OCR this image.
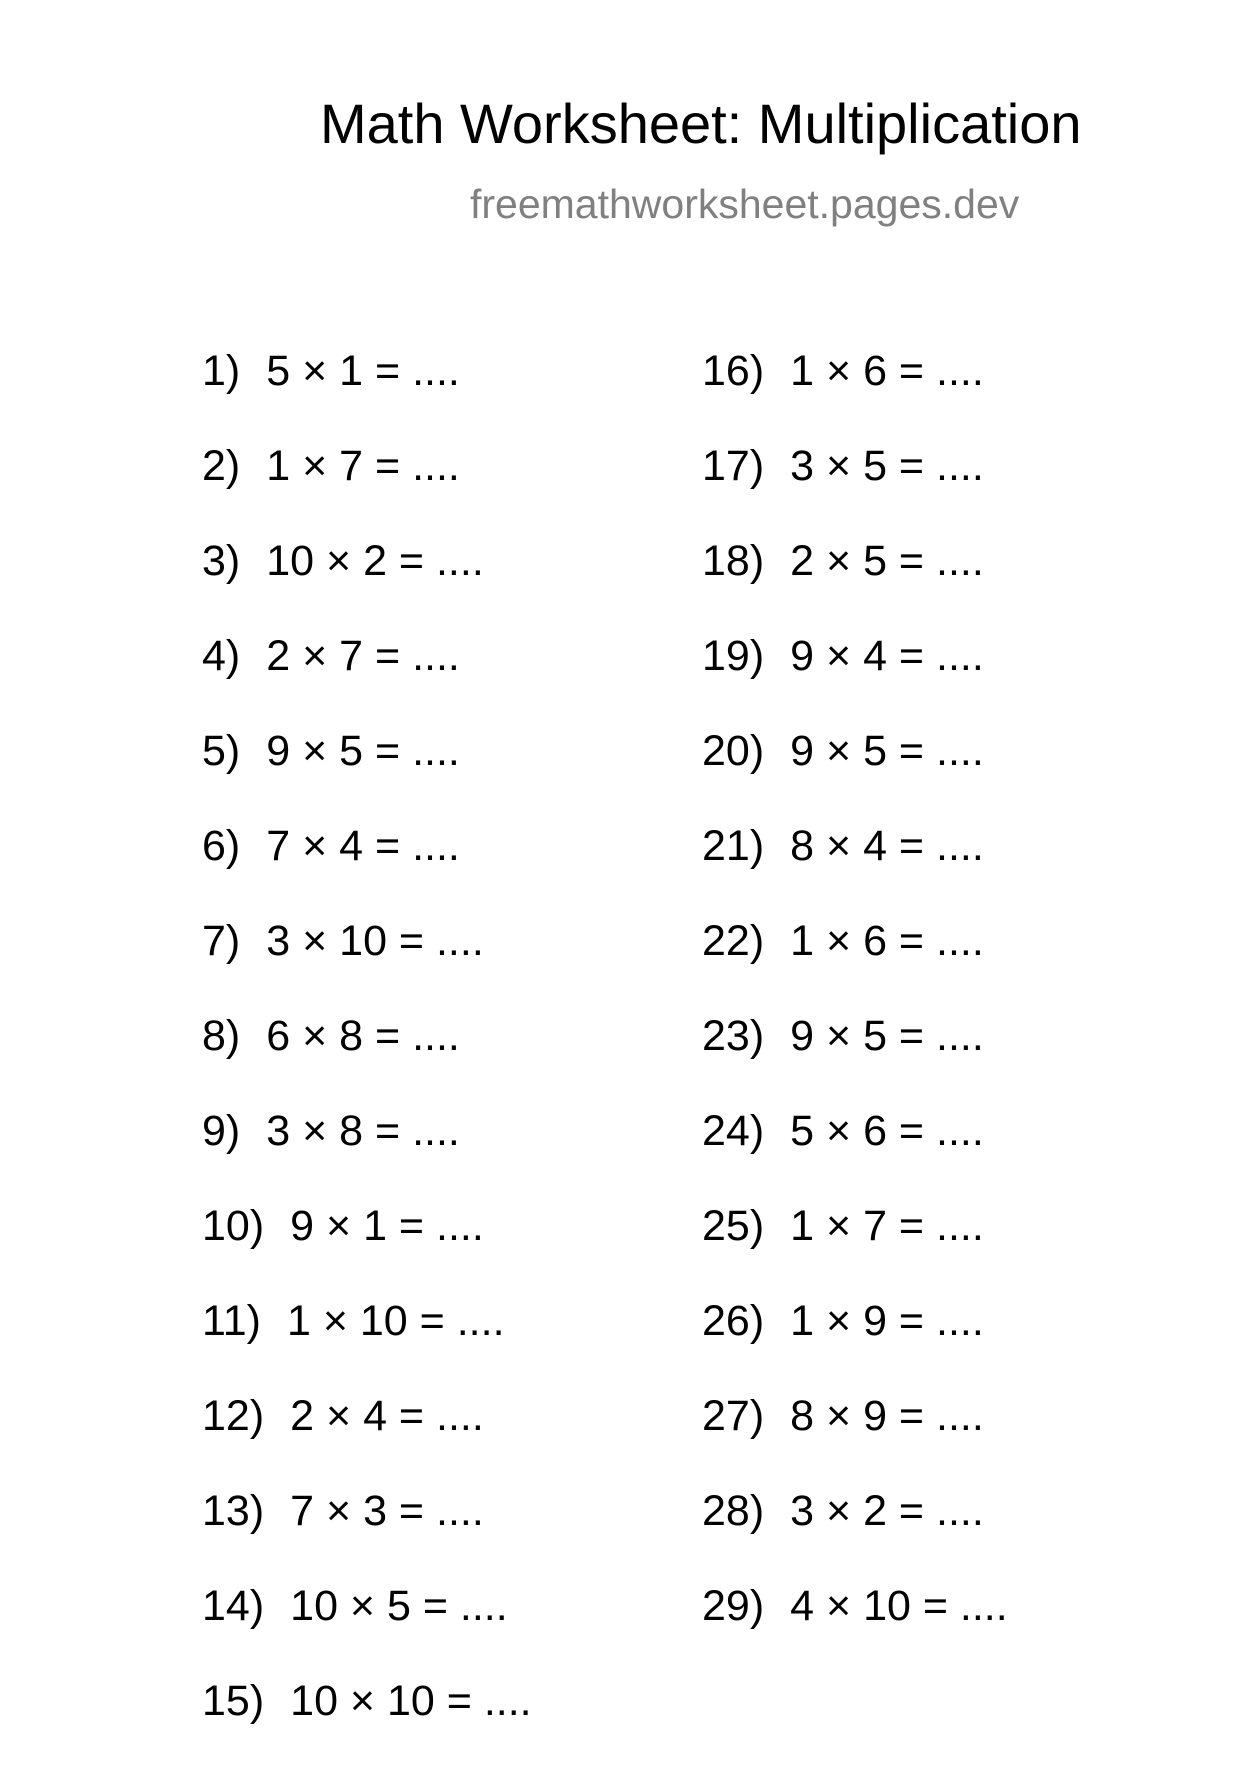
Math Worksheet: Multiplication
freemathworksheet.pages.dev
1) 5 × 1 = ....
2) 1 × 7 = ....
3) 10 × 2 = ....
4) 2 × 7 = ....
5) 9 × 5 = ....
6) 7 × 4 = ....
7) 3 × 10 = ....
8) 6 × 8 = ....
9) 3 × 8 = ....
10) 9 × 1 = ....
11) 1 × 10 = ....
12) 2 × 4 = ....
13) 7 × 3 = ....
14) 10 × 5 = ....
15) 10 × 10 = ....
16) 1 × 6 = ....
17) 3 × 5 = ....
18) 2 × 5 = ....
19) 9 × 4 = ....
20) 9 × 5 = ....
21) 8 × 4 = ....
22) 1 × 6 = ....
23) 9 × 5 = ....
24) 5 × 6 = ....
25) 1 × 7 = ....
26) 1 × 9 = ....
27) 8 × 9 = ....
28) 3 × 2 = ....
29) 4 × 10 = ....
